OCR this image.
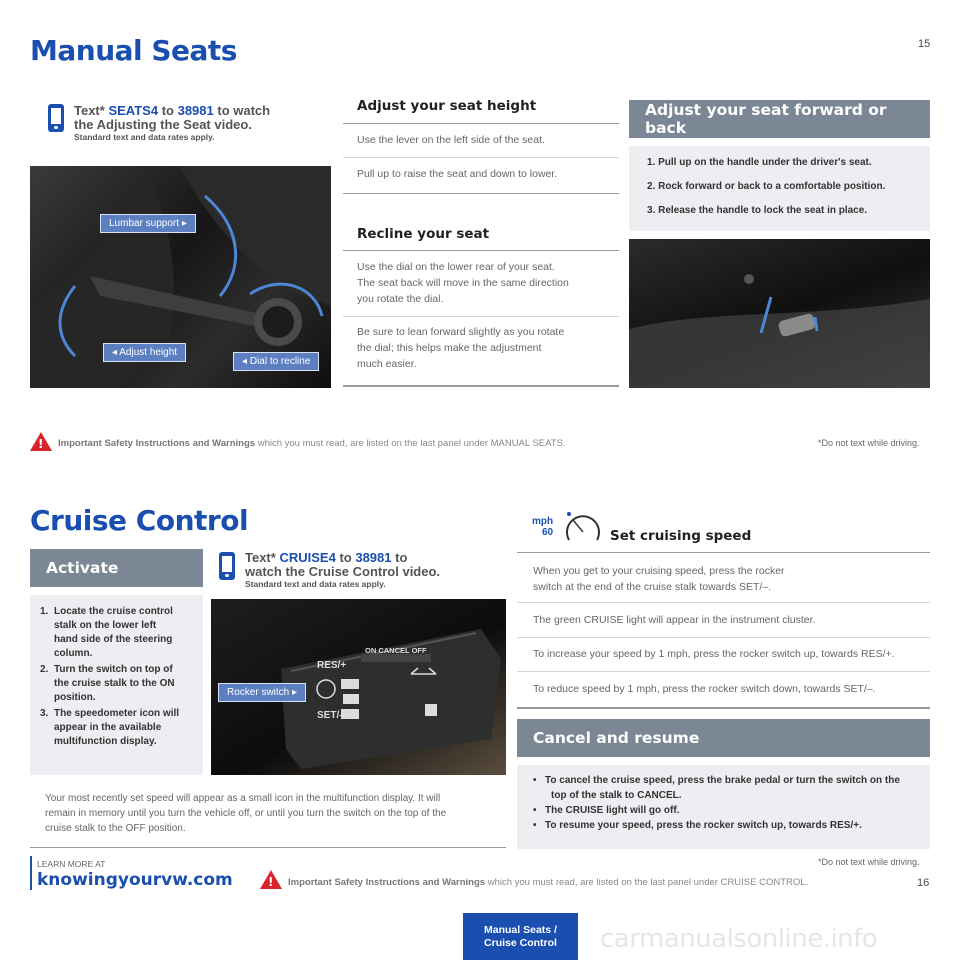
Manual Seats	15
Text* SEATS4 to 38981 to watch
the Adjusting the Seat video.
Standard text and data rates apply.
Lumbar support ▸
◂ Adjust height
◂ Dial to recline
Adjust your seat height
Use the lever on the left side of the seat.
Pull up to raise the seat and down to lower.
Recline your seat
Use the dial on the lower rear of your seat.
The seat back will move in the same direction
you rotate the dial.
Be sure to lean forward slightly as you rotate
the dial; this helps make the adjustment
much easier.
Adjust your seat forward or back
1. Pull up on the handle under the driver's seat.
2. Rock forward or back to a comfortable position.
3. Release the handle to lock the seat in place.
!
Important Safety Instructions and Warnings which you must read, are listed on the last panel under MANUAL SEATS.	*Do not text while driving.
Cruise Control
Activate
1. Locate the cruise control
stalk on the lower left
hand side of the steering
column.
2. Turn the switch on top of
the cruise stalk to the ON
position.
3. The speedometer icon will
appear in the available
multifunction display.
Text* CRUISE4 to 38981 to
watch the Cruise Control video.
Standard text and data rates apply.
ON CANCEL OFF
RES/+
SET/–
Rocker switch ▸
Your most recently set speed will appear as a small icon in the multifunction display. It will
remain in memory until you turn the vehicle off, or until you turn the switch on the top of the
cruise stalk to the OFF position.
mph
60	Set cruising speed
When you get to your cruising speed, press the rocker
switch at the end of the cruise stalk towards SET/–.
The green CRUISE light will appear in the instrument cluster.
To increase your speed by 1 mph, press the rocker switch up, towards RES/+.
To reduce speed by 1 mph, press the rocker switch down, towards SET/–.
Cancel and resume
• To cancel the cruise speed, press the brake pedal or turn the switch on the
top of the stalk to CANCEL.
• The CRUISE light will go off.
• To resume your speed, press the rocker switch up, towards RES/+.
*Do not text while driving.
LEARN MORE AT
knowingyourvw.com
!	Important Safety Instructions and Warnings which you must read, are listed on the last panel under CRUISE CONTROL.	16
Manual Seats /
Cruise Control carmanualsonline.info
